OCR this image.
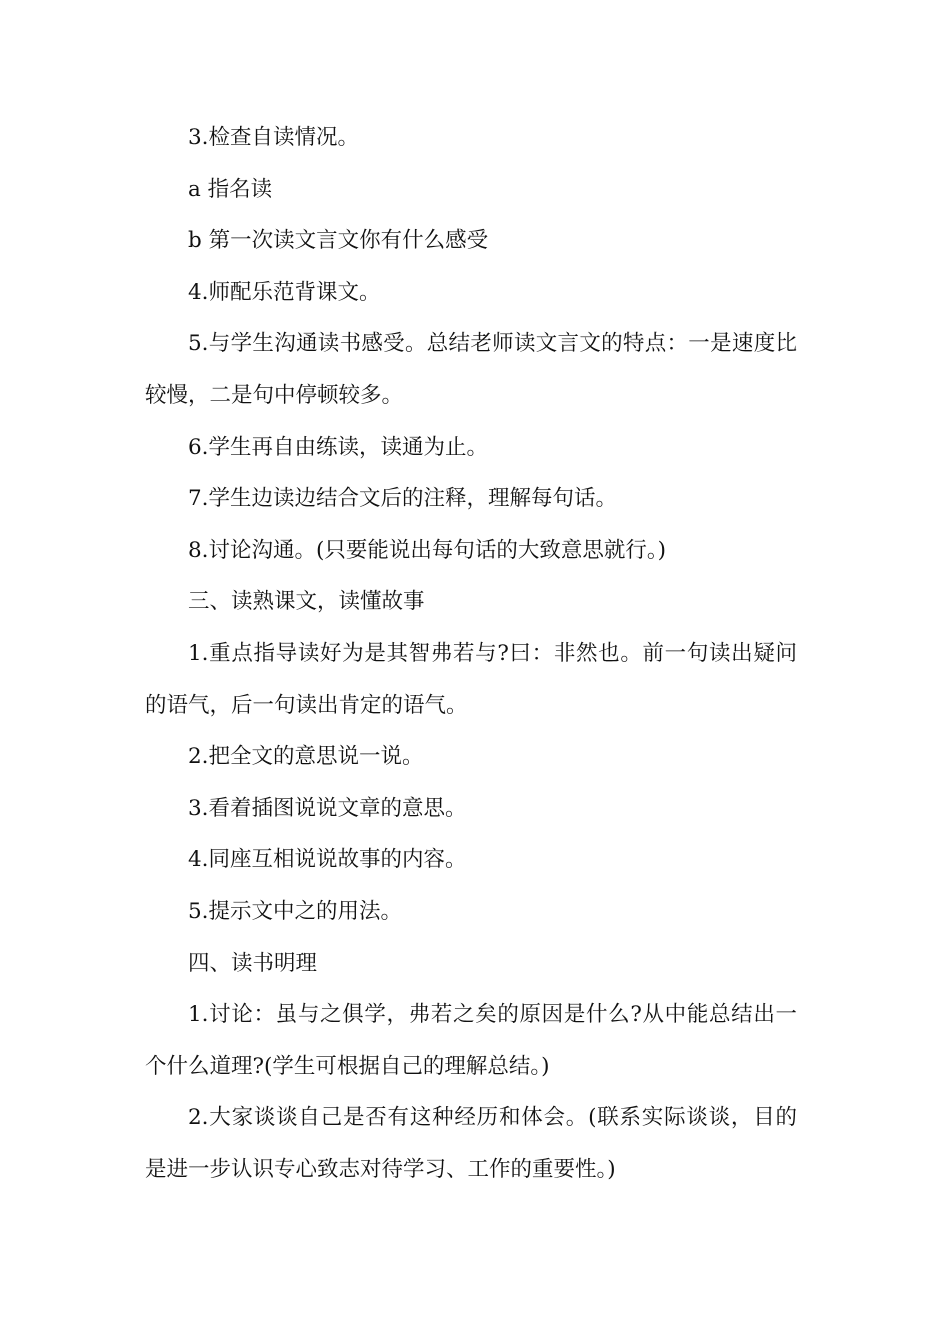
3.检查自读情况。

a 指名读

b 第一次读文言文你有什么感受

4.师配乐范背课文。

5.与学生沟通读书感受。总结老师读文言文的特点：一是速度比较慢，二是句中停顿较多。

6.学生再自由练读，读通为止。

7.学生边读边结合文后的注释，理解每句话。

8.讨论沟通。(只要能说出每句话的大致意思就行。)

三、读熟课文，读懂故事

1.重点指导读好为是其智弗若与?曰：非然也。前一句读出疑问的语气，后一句读出肯定的语气。

2.把全文的意思说一说。

3.看着插图说说文章的意思。

4.同座互相说说故事的内容。

5.提示文中之的用法。

四、读书明理

1.讨论：虽与之俱学，弗若之矣的原因是什么?从中能总结出一个什么道理?(学生可根据自己的理解总结。)

2.大家谈谈自己是否有这种经历和体会。(联系实际谈谈，目的是进一步认识专心致志对待学习、工作的重要性。)
